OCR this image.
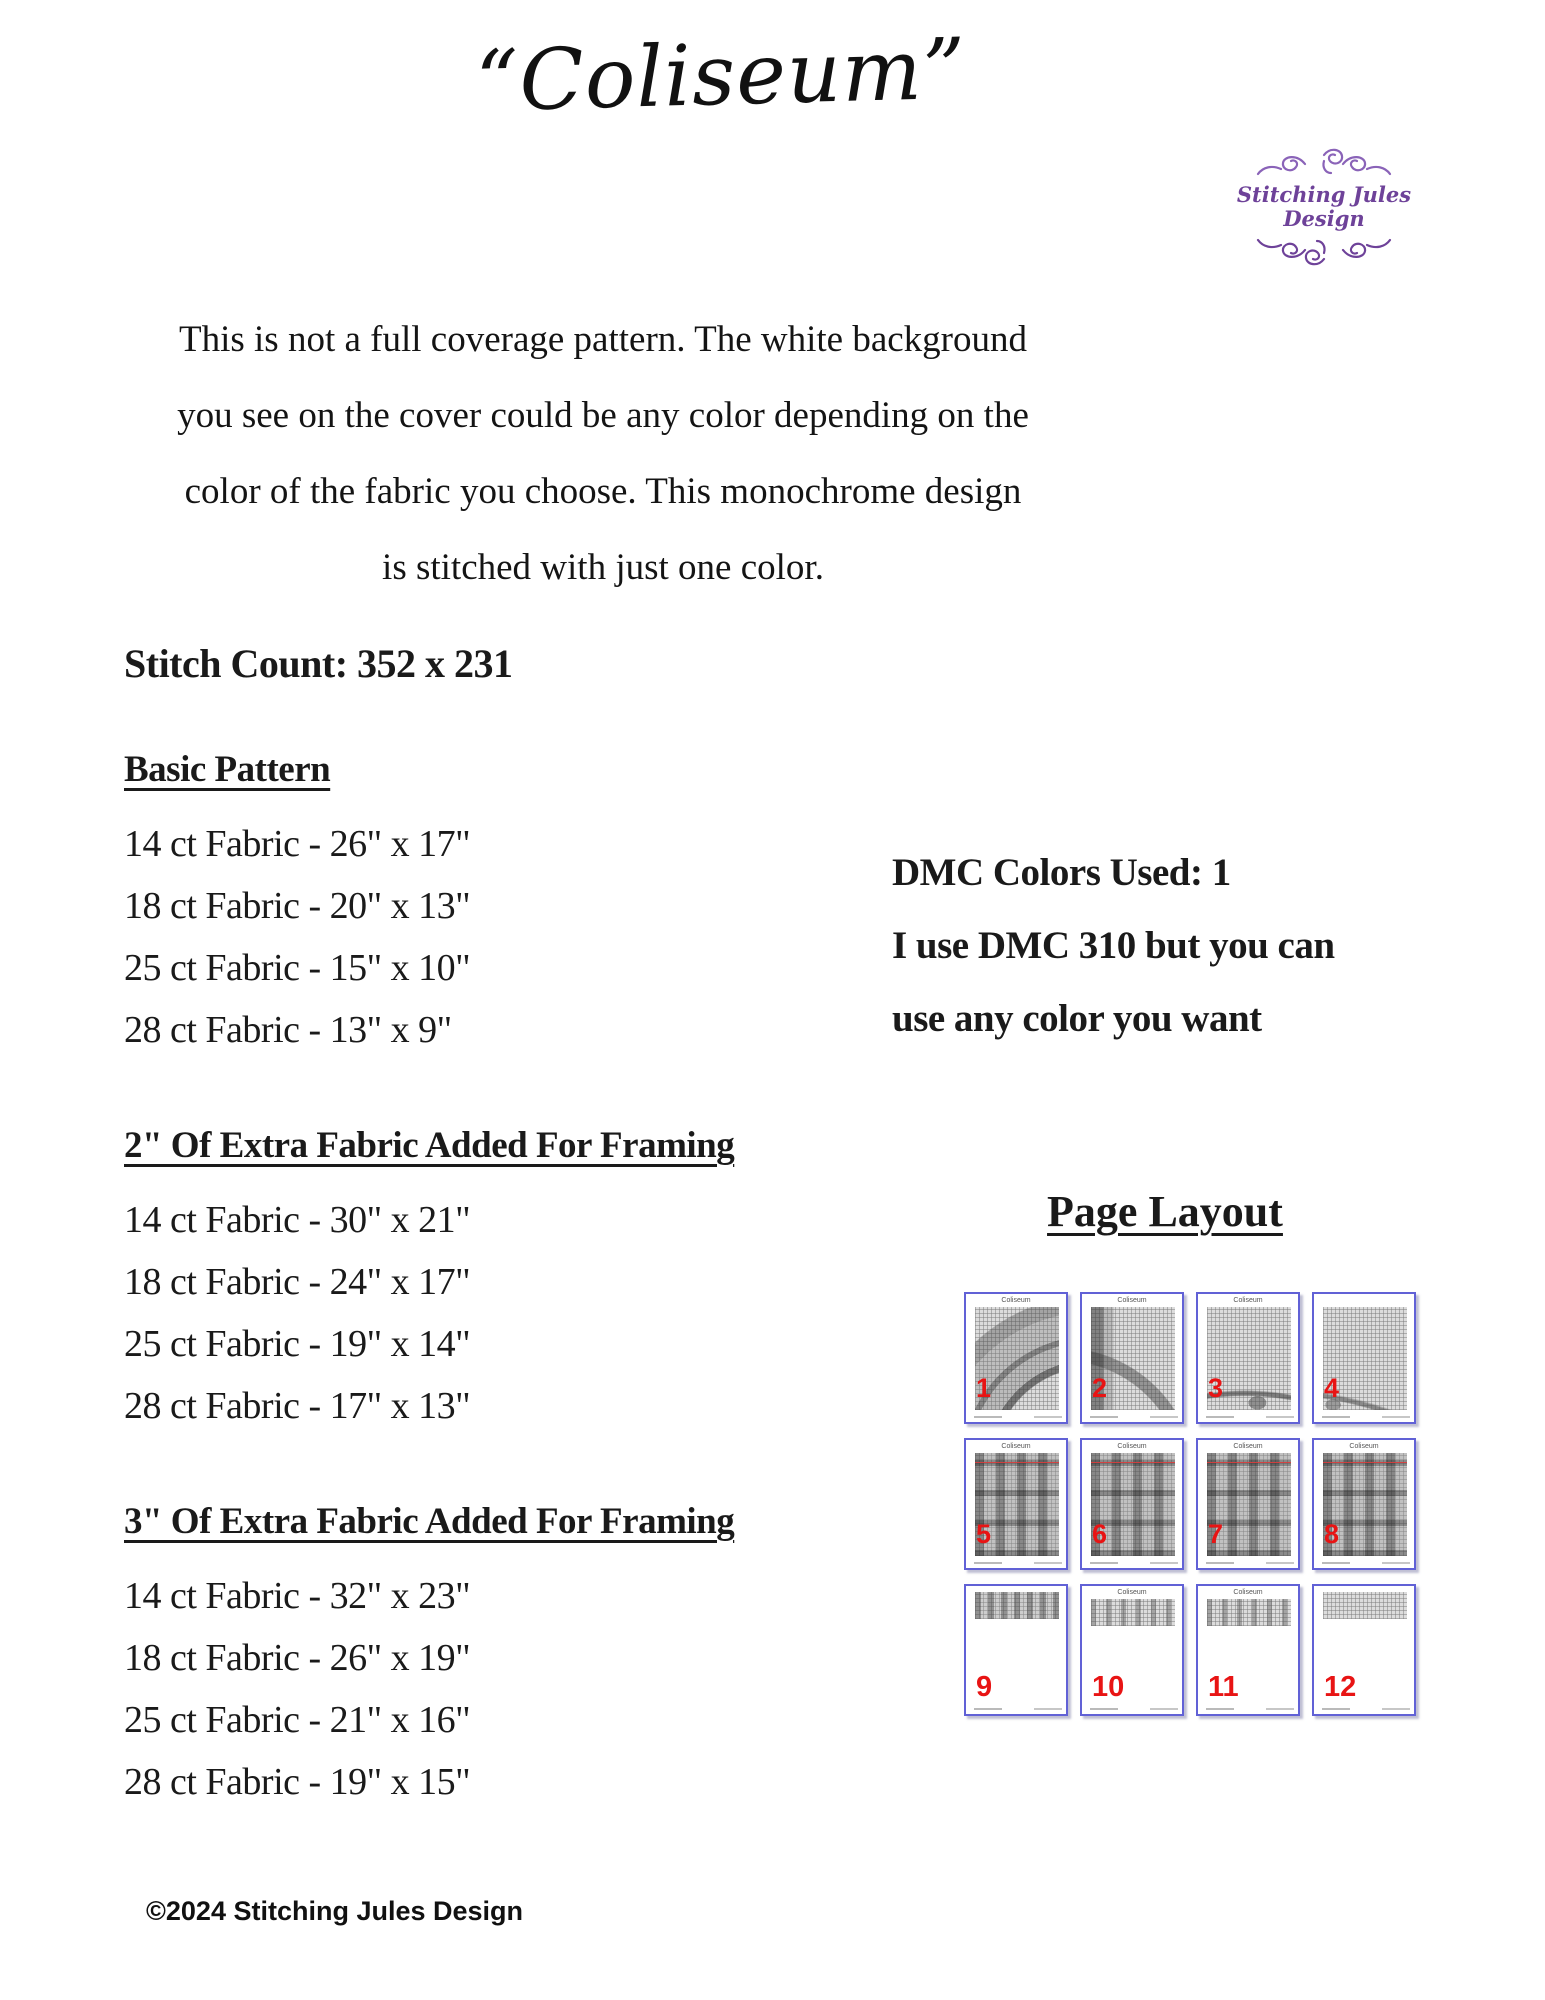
“Coliseum”
Stitching Jules Design
This is not a full coverage pattern. The white background
you see on the cover could be any color depending on the
color of the fabric you choose. This monochrome design
is stitched with just one color.
Stitch Count: 352 x 231
Basic Pattern
14 ct Fabric - 26" x 17"
18 ct Fabric - 20" x 13"
25 ct Fabric - 15" x 10"
28 ct Fabric - 13" x 9"
DMC Colors Used: 1
I use DMC 310 but you can
use any color you want
2" Of Extra Fabric Added For Framing
14 ct Fabric - 30" x 21"
18 ct Fabric - 24" x 17"
25 ct Fabric - 19" x 14"
28 ct Fabric - 17" x 13"
Page Layout
Coliseum
1
Coliseum
2
Coliseum
3	4
Coliseum
5
Coliseum
6
Coliseum
7
Coliseum
8
9
Coliseum
10
Coliseum
11	12
3" Of Extra Fabric Added For Framing
14 ct Fabric - 32" x 23"
18 ct Fabric - 26" x 19"
25 ct Fabric - 21" x 16"
28 ct Fabric - 19" x 15"
©2024 Stitching Jules Design
